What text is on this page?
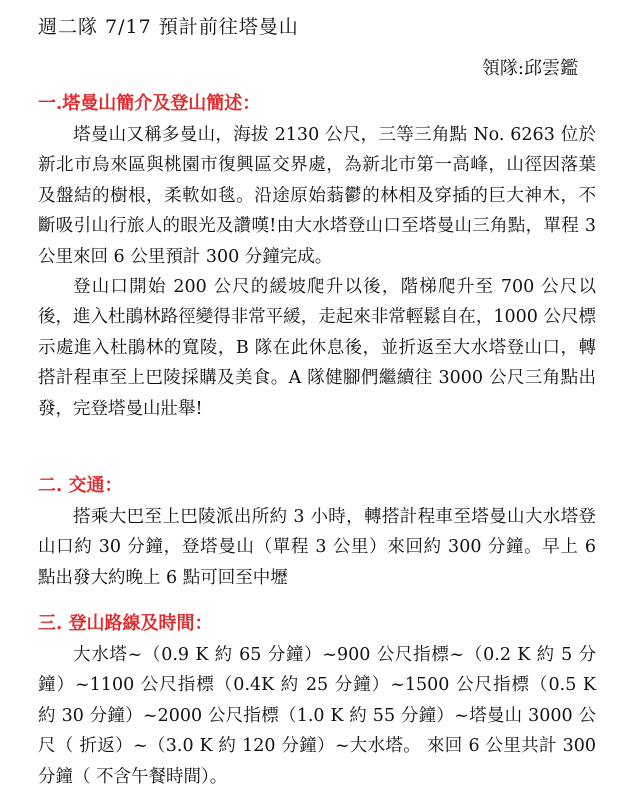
週二隊 7/17 預計前往塔曼山
領隊:邱雲鑑

一.塔曼山簡介及登山簡述：

塔曼山又稱多曼山，海拔 2130 公尺，三等三角點 No. 6263 位於新北市烏來區與桃園市復興區交界處，為新北市第一高峰，山徑因落葉及盤結的樹根，柔軟如毯。沿途原始蓊鬱的林相及穿插的巨大神木，不斷吸引山行旅人的眼光及讚嘆!由大水塔登山口至塔曼山三角點，單程 3 公里來回 6 公里預計 300 分鐘完成。

登山口開始 200 公尺的緩坡爬升以後，階梯爬升至 700 公尺以後，進入杜鵑林路徑變得非常平緩，走起來非常輕鬆自在，1000 公尺標示處進入杜鵑林的寬陵，B 隊在此休息後，並折返至大水塔登山口，轉搭計程車至上巴陵採購及美食。A 隊健腳們繼續往 3000 公尺三角點出發，完登塔曼山壯舉!

二. 交通：

搭乘大巴至上巴陵派出所約 3 小時，轉搭計程車至塔曼山大水塔登山口約 30 分鐘，登塔曼山（單程 3 公里）來回約 300 分鐘。早上 6 點出發大約晚上 6 點可回至中壢

三. 登山路線及時間：

大水塔~（0.9 K 約 65 分鐘）~900 公尺指標~（0.2 K 約 5 分鐘）~1100 公尺指標（0.4K 約 25 分鐘）~1500 公尺指標（0.5 K 約 30 分鐘）~2000 公尺指標（1.0 K 約 55 分鐘）~塔曼山 3000 公尺（ 折返）~（3.0 K 約 120 分鐘）~大水塔。 來回 6 公里共計 300 分鐘（ 不含午餐時間）。
